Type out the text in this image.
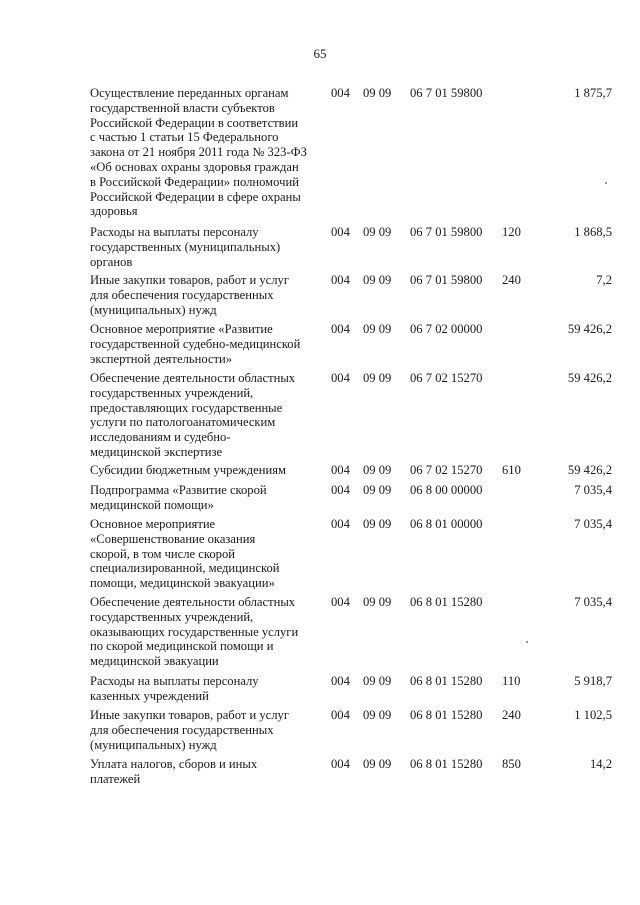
65
Осуществление переданных органам
государственной власти субъектов
Российской Федерации в соответствии
с частью 1 статьи 15 Федерального
закона от 21 ноября 2011 года № 323-ФЗ
«Об основах охраны здоровья граждан
в Российской Федерации» полномочий
Российской Федерации в сфере охраны
здоровья
004 09 09 06 7 01 59800	1 875,7
Расходы на выплаты персоналу
государственных (муниципальных)
органов
004 09 09 06 7 01 59800 120	1 868,5
Иные закупки товаров, работ и услуг
для обеспечения государственных
(муниципальных) нужд
004 09 09 06 7 01 59800 240	7,2
Основное мероприятие «Развитие
государственной судебно-медицинской
экспертной деятельности»
004 09 09 06 7 02 00000	59 426,2
Обеспечение деятельности областных
государственных учреждений,
предоставляющих государственные
услуги по патологоанатомическим
исследованиям и судебно-
медицинской экспертизе
004 09 09 06 7 02 15270	59 426,2
Субсидии бюджетным учреждениям	004 09 09 06 7 02 15270 610	59 426,2
Подпрограмма «Развитие скорой
медицинской помощи»
004 09 09 06 8 00 00000	7 035,4
Основное мероприятие
«Совершенствование оказания
скорой, в том числе скорой
специализированной, медицинской
помощи, медицинской эвакуации»
004 09 09 06 8 01 00000	7 035,4
Обеспечение деятельности областных
государственных учреждений,
оказывающих государственные услуги
по скорой медицинской помощи и
медицинской эвакуации
004 09 09 06 8 01 15280	7 035,4
Расходы на выплаты персоналу
казенных учреждений
004 09 09 06 8 01 15280 110	5 918,7
Иные закупки товаров, работ и услуг
для обеспечения государственных
(муниципальных) нужд
004 09 09 06 8 01 15280 240	1 102,5
Уплата налогов, сборов и иных
платежей
004 09 09 06 8 01 15280 850	14,2
